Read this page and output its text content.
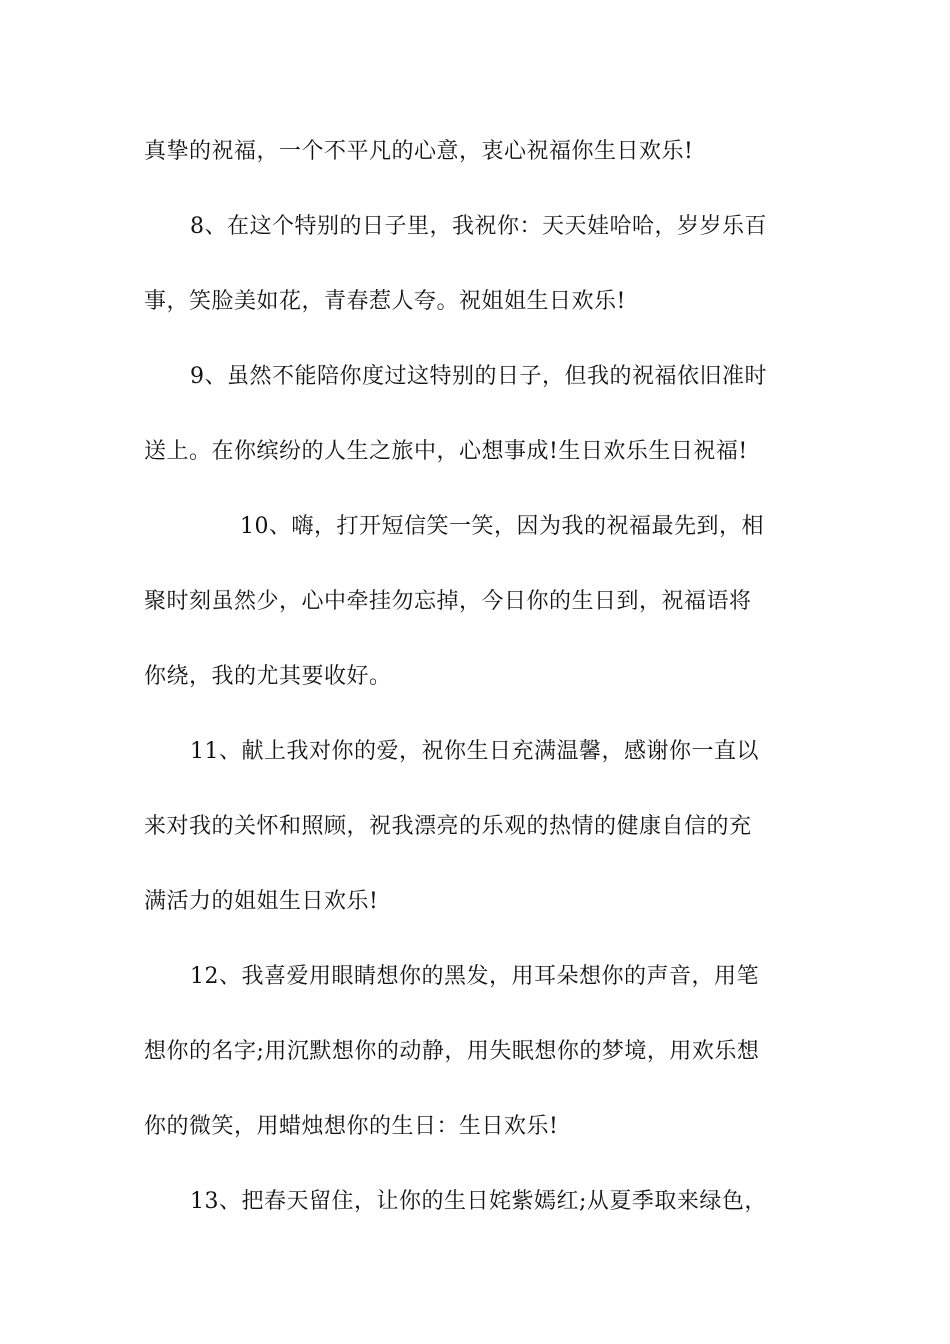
真挚的祝福，一个不平凡的心意，衷心祝福你生日欢乐!
8、在这个特别的日子里，我祝你：天天娃哈哈，岁岁乐百
事，笑脸美如花，青春惹人夸。祝姐姐生日欢乐!
9、虽然不能陪你度过这特别的日子，但我的祝福依旧准时
送上。在你缤纷的人生之旅中，心想事成!生日欢乐生日祝福!
10、嗨，打开短信笑一笑，因为我的祝福最先到，相
聚时刻虽然少，心中牵挂勿忘掉，今日你的生日到，祝福语将
你绕，我的尤其要收好。
11、献上我对你的爱，祝你生日充满温馨，感谢你一直以
来对我的关怀和照顾，祝我漂亮的乐观的热情的健康自信的充
满活力的姐姐生日欢乐!
12、我喜爱用眼睛想你的黑发，用耳朵想你的声音，用笔
想你的名字;用沉默想你的动静，用失眠想你的梦境，用欢乐想
你的微笑，用蜡烛想你的生日：生日欢乐!
13、把春天留住，让你的生日姹紫嫣红;从夏季取来绿色，
